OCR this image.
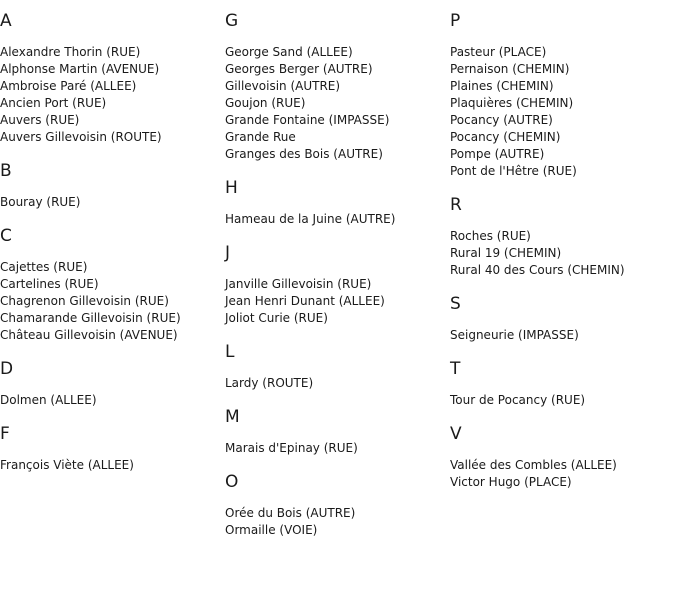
A
Alexandre Thorin (RUE)
Alphonse Martin (AVENUE)
Ambroise Paré (ALLEE)
Ancien Port (RUE)
Auvers (RUE)
Auvers Gillevoisin (ROUTE)
B
Bouray (RUE)
C
Cajettes (RUE)
Cartelines (RUE)
Chagrenon Gillevoisin (RUE)
Chamarande Gillevoisin (RUE)
Château Gillevoisin (AVENUE)
D
Dolmen (ALLEE)
F
François Viète (ALLEE)
G
George Sand (ALLEE)
Georges Berger (AUTRE)
Gillevoisin (AUTRE)
Goujon (RUE)
Grande Fontaine (IMPASSE)
Grande Rue
Granges des Bois (AUTRE)
H
Hameau de la Juine (AUTRE)
J
Janville Gillevoisin (RUE)
Jean Henri Dunant (ALLEE)
Joliot Curie (RUE)
L
Lardy (ROUTE)
M
Marais d'Epinay (RUE)
O
Orée du Bois (AUTRE)
Ormaille (VOIE)
P
Pasteur (PLACE)
Pernaison (CHEMIN)
Plaines (CHEMIN)
Plaquières (CHEMIN)
Pocancy (AUTRE)
Pocancy (CHEMIN)
Pompe (AUTRE)
Pont de l'Hêtre (RUE)
R
Roches (RUE)
Rural 19 (CHEMIN)
Rural 40 des Cours (CHEMIN)
S
Seigneurie (IMPASSE)
T
Tour de Pocancy (RUE)
V
Vallée des Combles (ALLEE)
Victor Hugo (PLACE)
